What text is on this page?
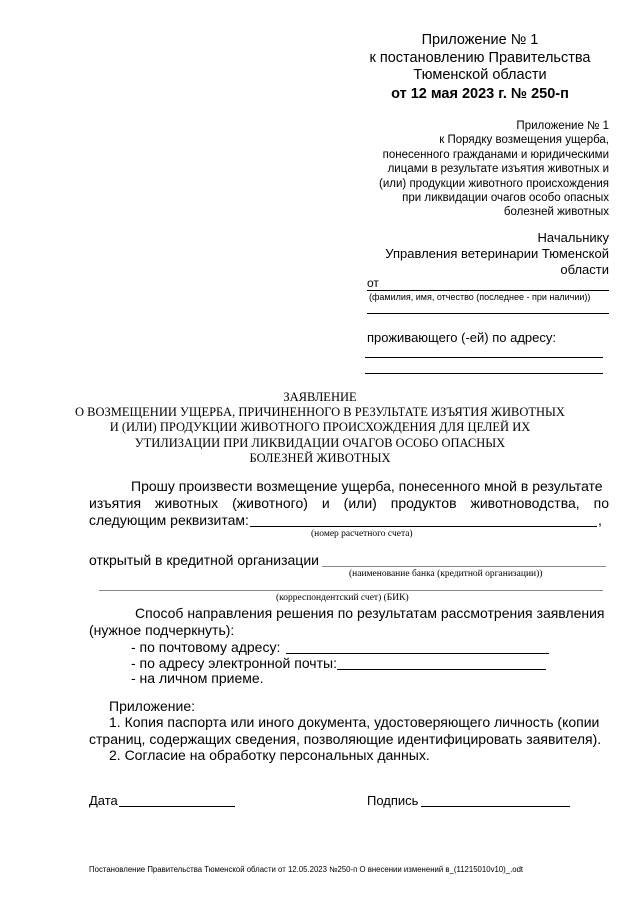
Приложение № 1
к постановлению Правительства
Тюменской области
от 12 мая 2023 г. № 250-п
Приложение № 1
к Порядку возмещения ущерба,
понесенного гражданами и юридическими
лицами в результате изъятия животных и
(или) продукции животного происхождения
при ликвидации очагов особо опасных
болезней животных
Начальнику
Управления ветеринарии Тюменской
области
от
(фамилия, имя, отчество (последнее - при наличии))
проживающего (-ей) по адресу:
ЗАЯВЛЕНИЕ
О ВОЗМЕЩЕНИИ УЩЕРБА, ПРИЧИНЕННОГО В РЕЗУЛЬТАТЕ ИЗЪЯТИЯ ЖИВОТНЫХ
И (ИЛИ) ПРОДУКЦИИ ЖИВОТНОГО ПРОИСХОЖДЕНИЯ ДЛЯ ЦЕЛЕЙ ИХ
УТИЛИЗАЦИИ ПРИ ЛИКВИДАЦИИ ОЧАГОВ ОСОБО ОПАСНЫХ
БОЛЕЗНЕЙ ЖИВОТНЫХ
Прошу произвести возмещение ущерба, понесенного мной в результате
изъятия животных (животного) и (или) продуктов животноводства, по
следующим реквизитам:	,
(номер расчетного счета)
открытый в кредитной организации
(наименование банка (кредитной организации))
(корреспондентский счет) (БИК)
Способ направления решения по результатам рассмотрения заявления
(нужное подчеркнуть):
- по почтовому адресу:
- по адресу электронной почты:
- на личном приеме.
Приложение:
1. Копия паспорта или иного документа, удостоверяющего личность (копии
страниц, содержащих сведения, позволяющие идентифицировать заявителя).
2. Согласие на обработку персональных данных.
Дата	Подпись
Постановление Правительства Тюменской области от 12.05.2023 №250-п О внесении изменений в_(11215010v10)_.odt
